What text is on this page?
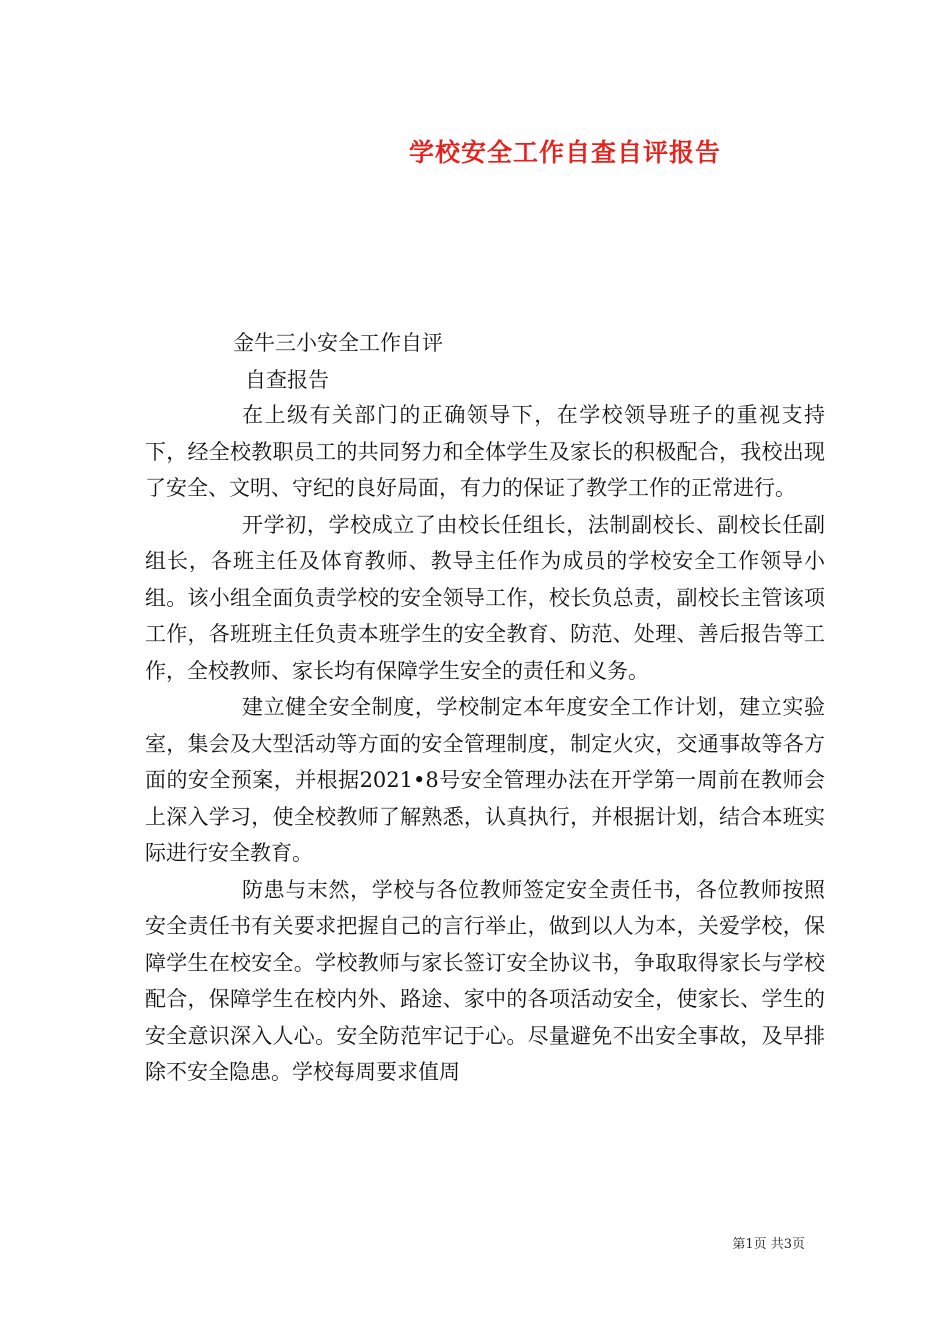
学校安全工作自查自评报告
金牛三小安全工作自评
自查报告

在上级有关部门的正确领导下，在学校领导班子的重视支持下，经全校教职员工的共同努力和全体学生及家长的积极配合，我校出现了安全、文明、守纪的良好局面，有力的保证了教学工作的正常进行。

开学初，学校成立了由校长任组长，法制副校长、副校长任副组长，各班主任及体育教师、教导主任作为成员的学校安全工作领导小组。该小组全面负责学校的安全领导工作，校长负总责，副校长主管该项工作，各班班主任负责本班学生的安全教育、防范、处理、善后报告等工作，全校教师、家长均有保障学生安全的责任和义务。

建立健全安全制度，学校制定本年度安全工作计划，建立实验室，集会及大型活动等方面的安全管理制度，制定火灾，交通事故等各方面的安全预案，并根据2021•8号安全管理办法在开学第一周前在教师会上深入学习，使全校教师了解熟悉，认真执行，并根据计划，结合本班实际进行安全教育。

防患与末然，学校与各位教师签定安全责任书，各位教师按照安全责任书有关要求把握自己的言行举止，做到以人为本，关爱学校，保障学生在校安全。学校教师与家长签订安全协议书，争取取得家长与学校配合，保障学生在校内外、路途、家中的各项活动安全，使家长、学生的安全意识深入人心。安全防范牢记于心。尽量避免不出安全事故，及早排除不安全隐患。学校每周要求值周

第1页 共3页
